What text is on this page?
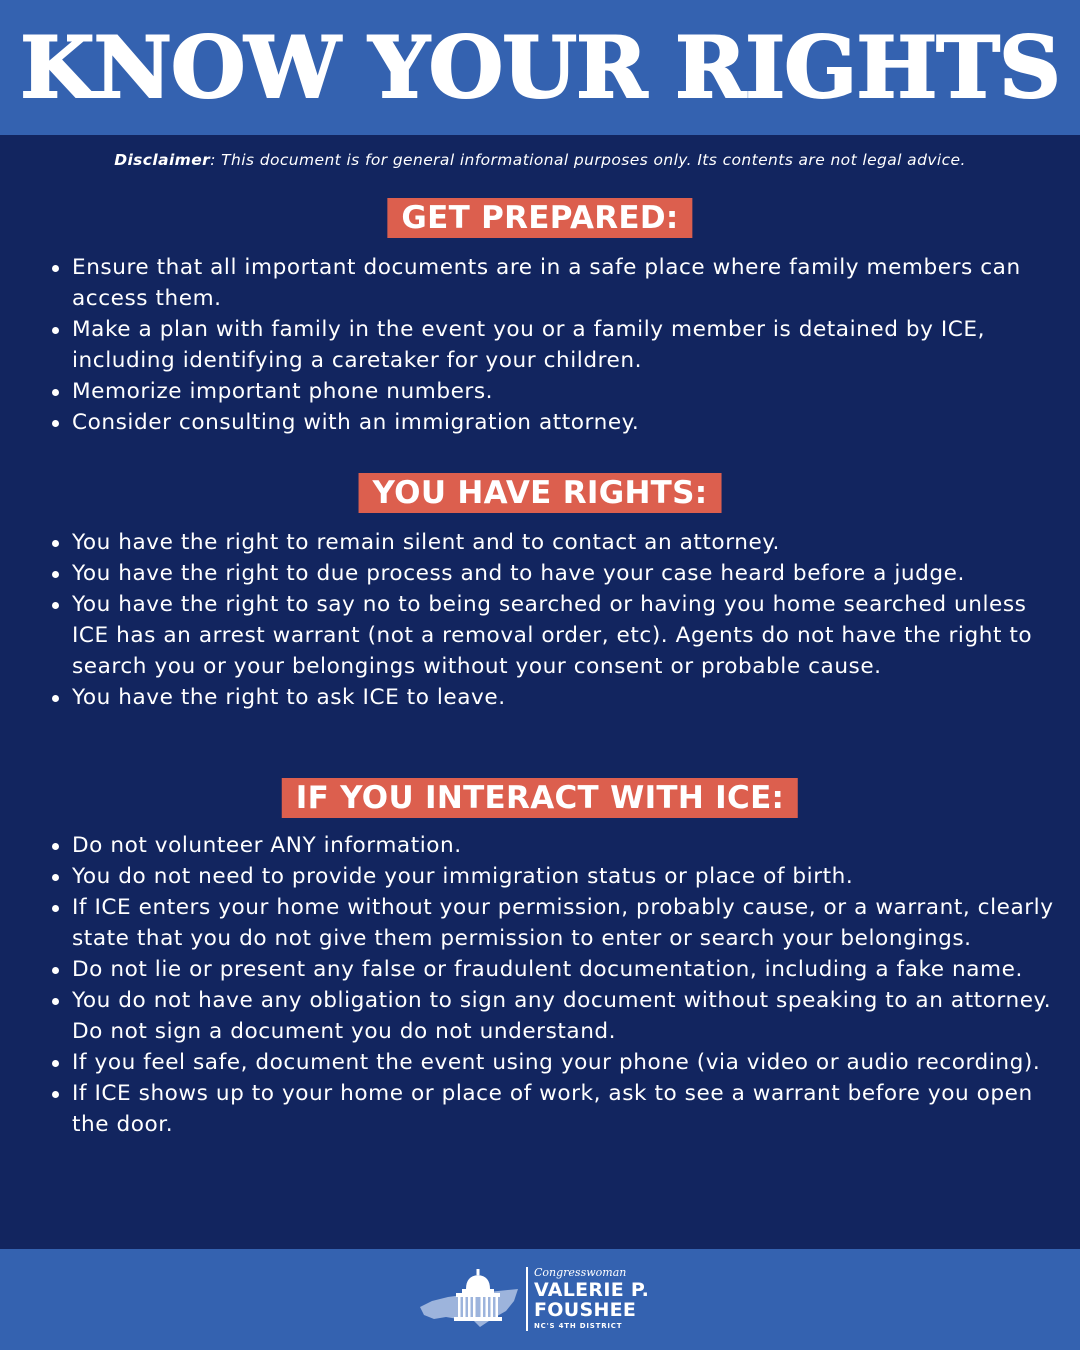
KNOW YOUR RIGHTS
Disclaimer: This document is for general informational purposes only. Its contents are not legal advice.
GET PREPARED:
Ensure that all important documents are in a safe place where family members can access them.
Make a plan with family in the event you or a family member is detained by ICE, including identifying a caretaker for your children.
Memorize important phone numbers.
Consider consulting with an immigration attorney.
YOU HAVE RIGHTS:
You have the right to remain silent and to contact an attorney.
You have the right to due process and to have your case heard before a judge.
You have the right to say no to being searched or having you home searched unless ICE has an arrest warrant (not a removal order, etc). Agents do not have the right to search you or your belongings without your consent or probable cause.
You have the right to ask ICE to leave.
IF YOU INTERACT WITH ICE:
Do not volunteer ANY information.
You do not need to provide your immigration status or place of birth.
If ICE enters your home without your permission, probably cause, or a warrant, clearly state that you do not give them permission to enter or search your belongings.
Do not lie or present any false or fraudulent documentation, including a fake name.
You do not have any obligation to sign any document without speaking to an attorney. Do not sign a document you do not understand.
If you feel safe, document the event using your phone (via video or audio recording).
If ICE shows up to your home or place of work, ask to see a warrant before you open the door.
Congresswoman
VALERIE P.
FOUSHEE
NC'S 4TH DISTRICT
